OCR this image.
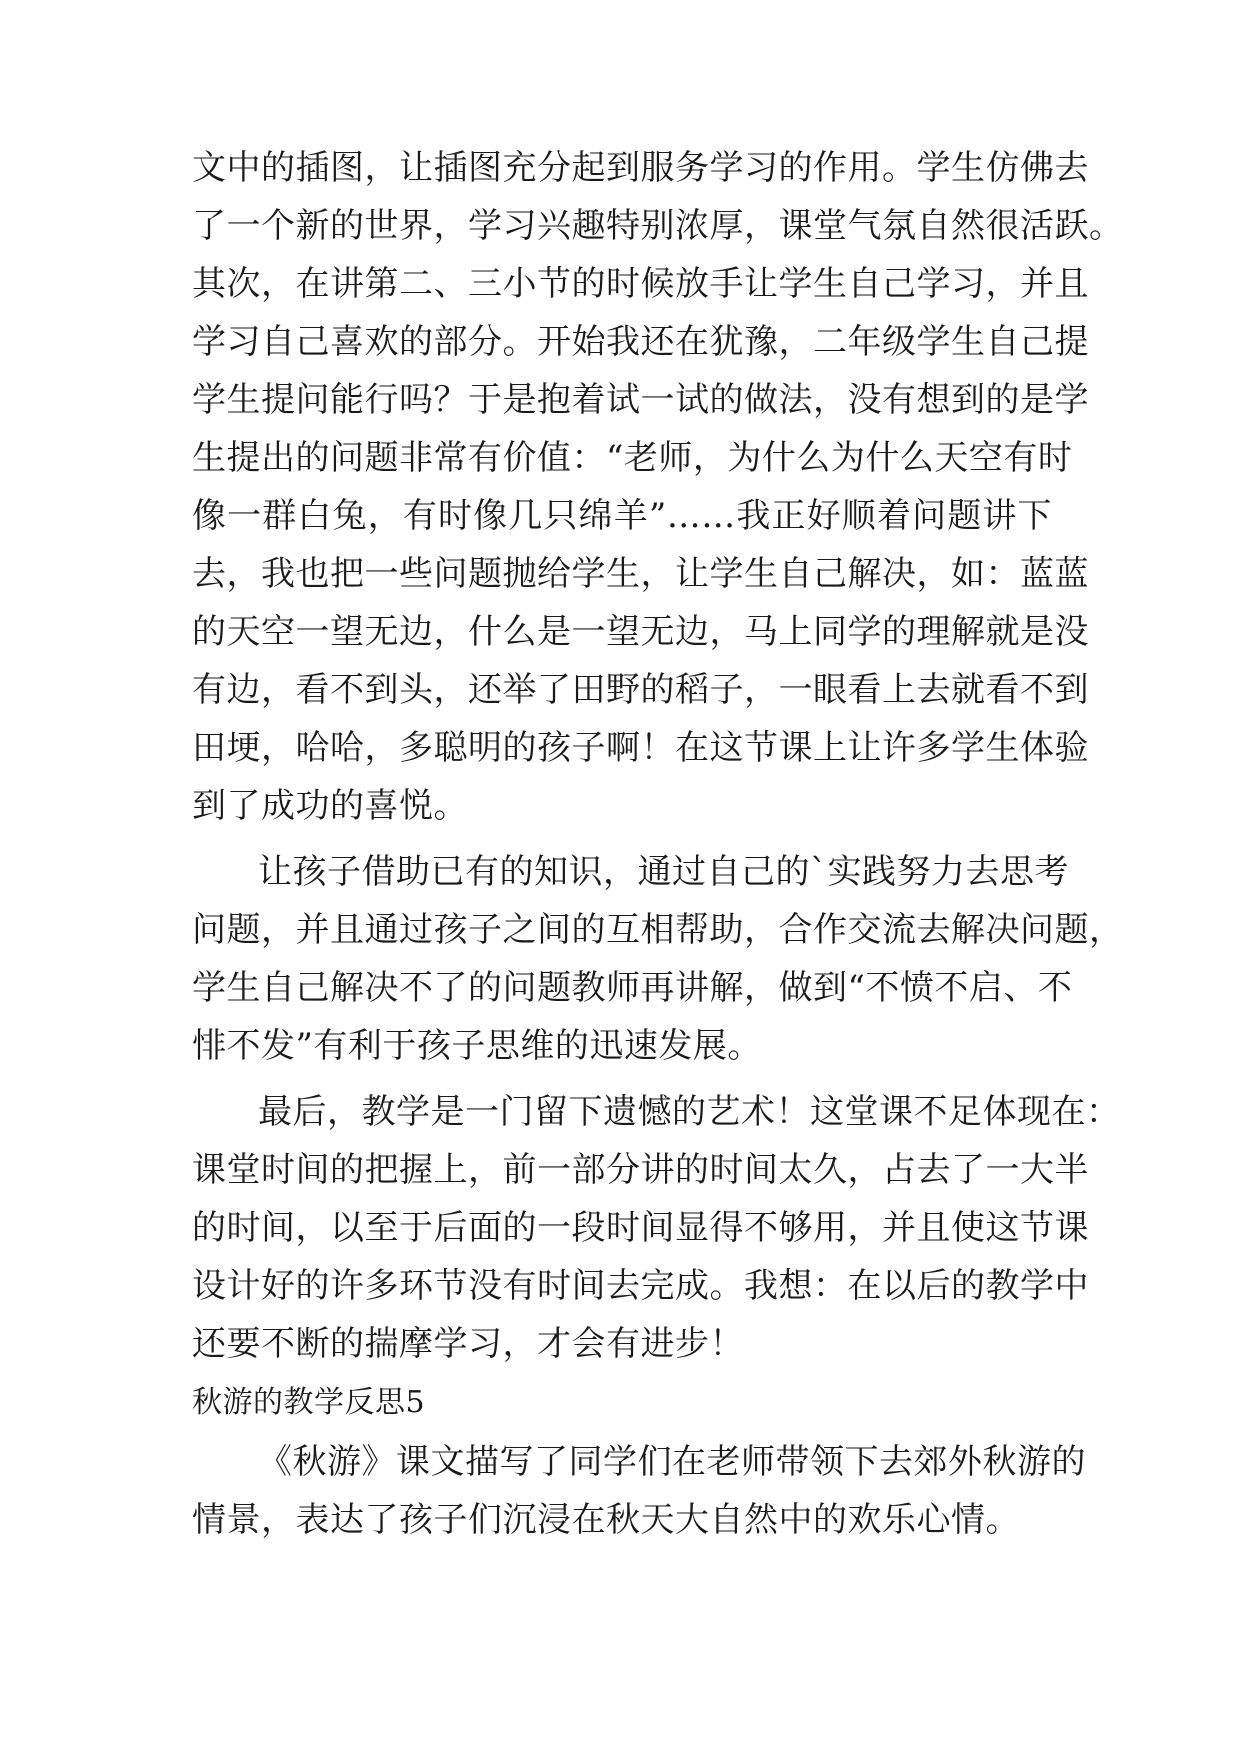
文中的插图，让插图充分起到服务学习的作用。学生仿佛去
了一个新的世界，学习兴趣特别浓厚，课堂气氛自然很活跃。
其次，在讲第二、三小节的时候放手让学生自己学习，并且
学习自己喜欢的部分。开始我还在犹豫，二年级学生自己提
学生提问能行吗？于是抱着试一试的做法，没有想到的是学
生提出的问题非常有价值：“老师，为什么为什么天空有时
像一群白兔，有时像几只绵羊”……我正好顺着问题讲下
去，我也把一些问题抛给学生，让学生自己解决，如：蓝蓝
的天空一望无边，什么是一望无边，马上同学的理解就是没
有边，看不到头，还举了田野的稻子，一眼看上去就看不到
田埂，哈哈，多聪明的孩子啊！在这节课上让许多学生体验
到了成功的喜悦。
让孩子借助已有的知识，通过自己的`实践努力去思考
问题，并且通过孩子之间的互相帮助，合作交流去解决问题，
学生自己解决不了的问题教师再讲解，做到“不愤不启、不
悱不发”有利于孩子思维的迅速发展。
最后，教学是一门留下遗憾的艺术！这堂课不足体现在：
课堂时间的把握上，前一部分讲的时间太久，占去了一大半
的时间，以至于后面的一段时间显得不够用，并且使这节课
设计好的许多环节没有时间去完成。我想：在以后的教学中
还要不断的揣摩学习，才会有进步！
秋游的教学反思5
《秋游》课文描写了同学们在老师带领下去郊外秋游的
情景，表达了孩子们沉浸在秋天大自然中的欢乐心情。
